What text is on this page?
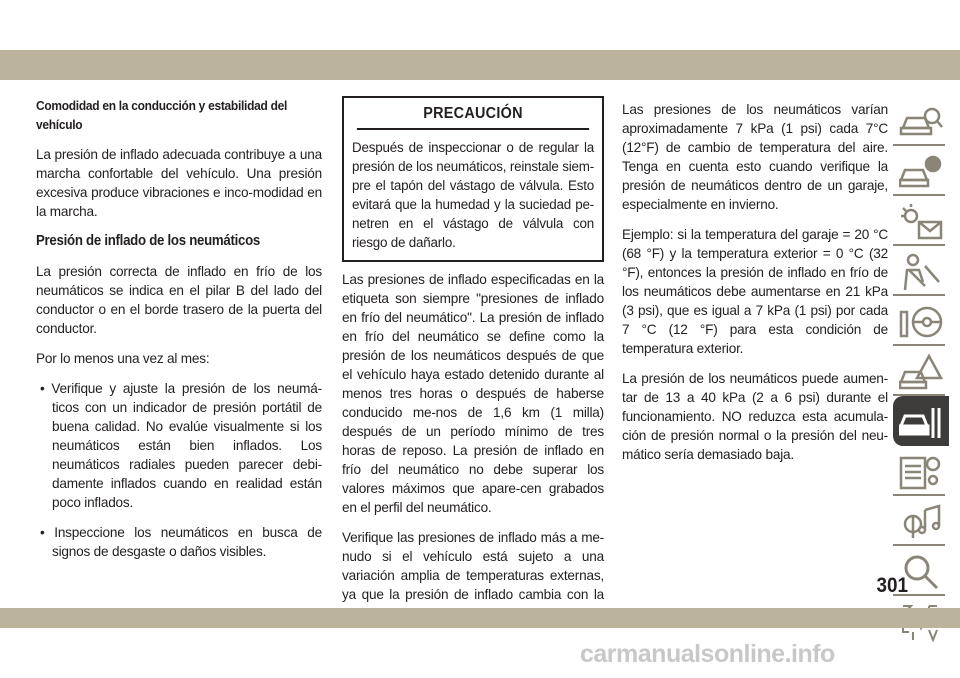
Comodidad en la conducción y estabilidad del vehículo

La presión de inflado adecuada contribuye a una marcha confortable del vehículo. Una presión excesiva produce vibraciones e inco-modidad en la marcha.

Presión de inflado de los neumáticos

La presión correcta de inflado en frío de los neumáticos se indica en el pilar B del lado del conductor o en el borde trasero de la puerta del conductor.

Por lo menos una vez al mes:

• Verifique y ajuste la presión de los neumá-ticos con un indicador de presión portátil de buena calidad. No evalúe visualmente si los neumáticos están bien inflados. Los neumáticos radiales pueden parecer debi-damente inflados cuando en realidad están poco inflados.

• Inspeccione los neumáticos en busca de signos de desgaste o daños visibles.

PRECAUCIÓN
Después de inspeccionar o de regular la presión de los neumáticos, reinstale siem-pre el tapón del vástago de válvula. Esto evitará que la humedad y la suciedad pe-netren en el vástago de válvula con riesgo de dañarlo.

Las presiones de inflado especificadas en la etiqueta son siempre "presiones de inflado en frío del neumático". La presión de inflado en frío del neumático se define como la presión de los neumáticos después de que el vehículo haya estado detenido durante al menos tres horas o después de haberse conducido me-nos de 1,6 km (1 milla) después de un período mínimo de tres horas de reposo. La presión de inflado en frío del neumático no debe superar los valores máximos que apare-cen grabados en el perfil del neumático.

Verifique las presiones de inflado más a me-nudo si el vehículo está sujeto a una variación amplia de temperaturas externas, ya que la presión de inflado cambia con la

Las presiones de los neumáticos varían aproximadamente 7 kPa (1 psi) cada 7°C (12°F) de cambio de temperatura del aire. Tenga en cuenta esto cuando verifique la presión de neumáticos dentro de un garaje, especialmente en invierno.

Ejemplo: si la temperatura del garaje = 20 °C (68 °F) y la temperatura exterior = 0 °C (32 °F), entonces la presión de inflado en frío de los neumáticos debe aumentarse en 21 kPa (3 psi), que es igual a 7 kPa (1 psi) por cada 7 °C (12 °F) para esta condición de temperatura exterior.

La presión de los neumáticos puede aumen-tar de 13 a 40 kPa (2 a 6 psi) durante el funcionamiento. NO reduzca esta acumula-ción de presión normal o la presión del neu-mático sería demasiado baja.

301
carmanualsonline.info
